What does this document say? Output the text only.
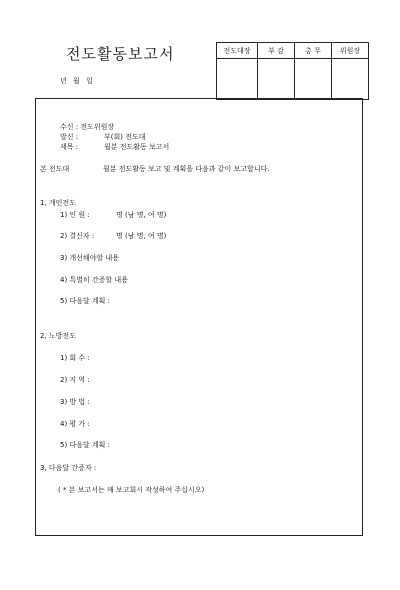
전도활동보고서
년 월 일
전도대장	부 감	총 무	위원장

수신 : 전도위원장
발신 :	부(회) 전도대
제목 :	월분 전도활동 보고서
본 전도대	월분 전도활동 보고 및 계획을 다음과 같이 보고합니다.
1, 개인전도
1) 인 원 :	명 (남 명, 여 명)
2) 결신자 :	명 (남 명, 여 명)
3) 개선해야할 내용
4) 특별히 간증할 내용
5) 다음달 계획 :
2, 노방전도
1) 회 수 :
2) 지 역 :
3) 방 법 :
4) 평 가 :
5) 다음달 계획 :
3, 다음달 간증자 :
( * 본 보고서는 매 보고회시 작성하여 주십시오)
